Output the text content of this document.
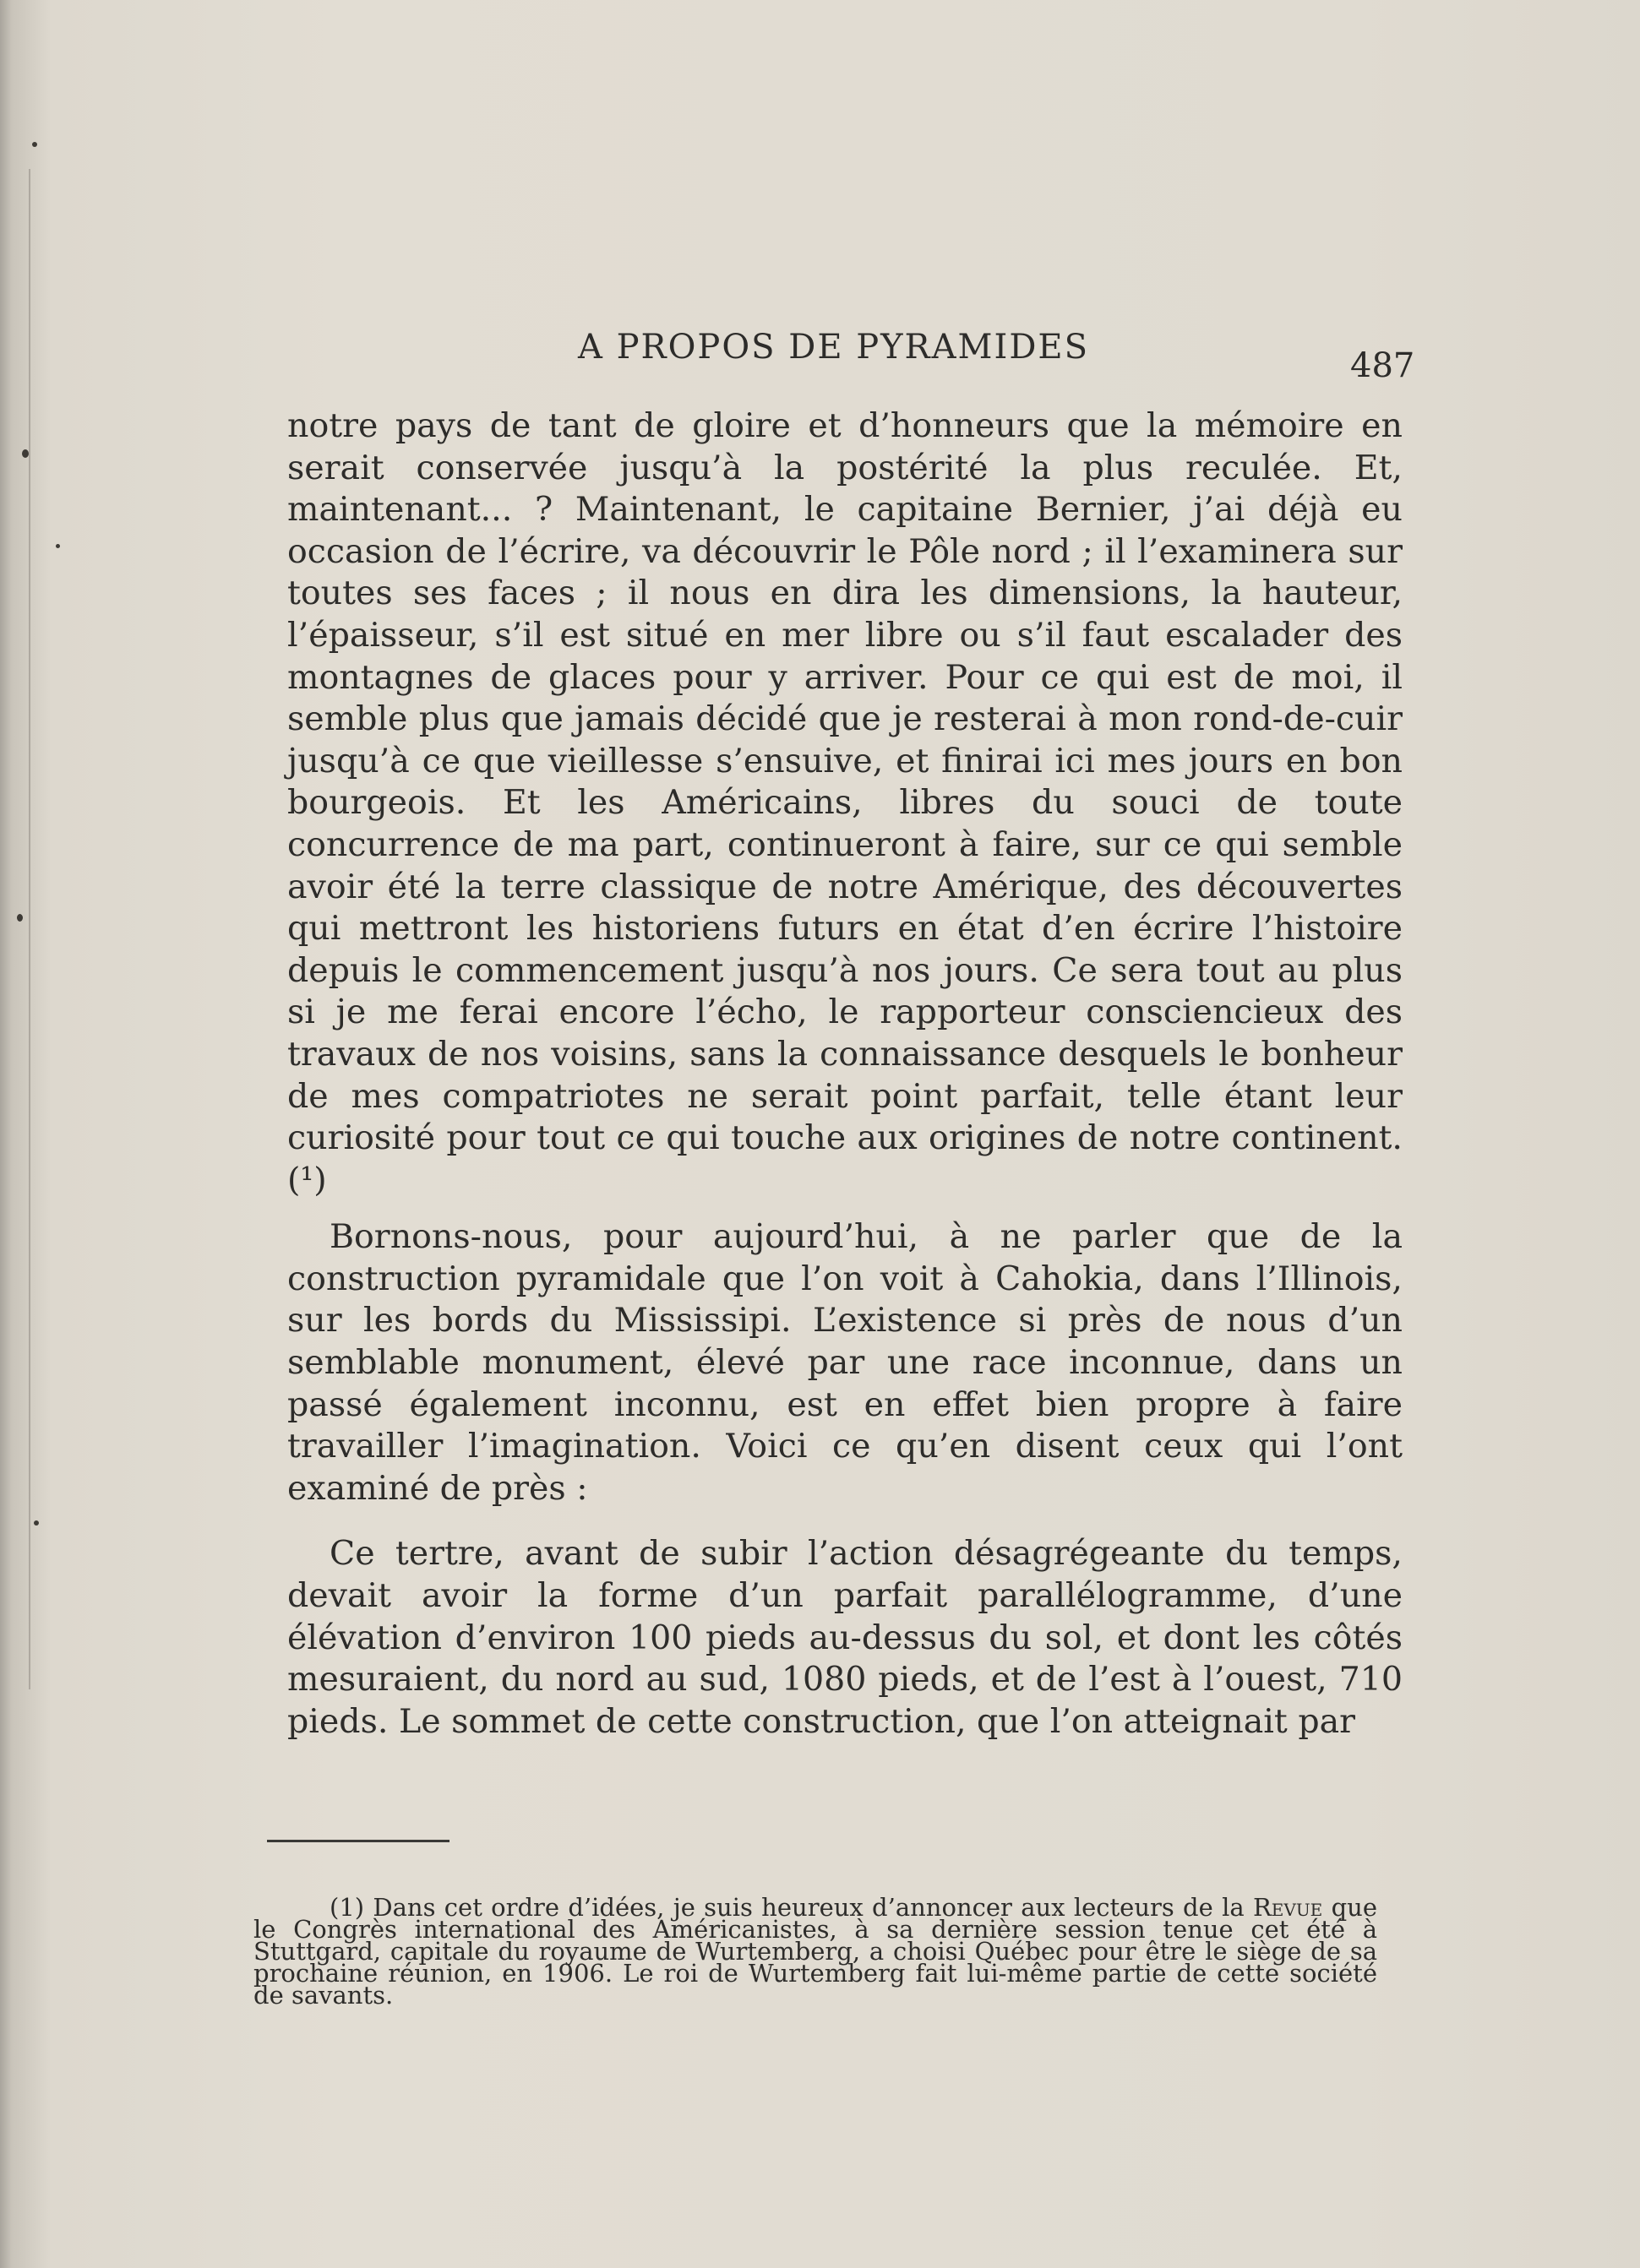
A PROPOS DE PYRAMIDES	487

notre pays de tant de gloire et d’honneurs que la mémoire en serait conservée jusqu’à la postérité la plus reculée. Et, maintenant... ? Maintenant, le capitaine Bernier, j’ai déjà eu occasion de l’écrire, va découvrir le Pôle nord ; il l’examinera sur toutes ses faces ; il nous en dira les dimensions, la hauteur, l’épaisseur, s’il est situé en mer libre ou s’il faut escalader des montagnes de glaces pour y arriver. Pour ce qui est de moi, il semble plus que jamais décidé que je resterai à mon rond-de-cuir jusqu’à ce que vieillesse s’ensuive, et finirai ici mes jours en bon bourgeois. Et les Américains, libres du souci de toute concurrence de ma part, continueront à faire, sur ce qui semble avoir été la terre classique de notre Amérique, des découvertes qui mettront les historiens futurs en état d’en écrire l’histoire depuis le commencement jusqu’à nos jours. Ce sera tout au plus si je me ferai encore l’écho, le rapporteur consciencieux des travaux de nos voisins, sans la connaissance desquels le bonheur de mes compatriotes ne serait point parfait, telle étant leur curiosité pour tout ce qui touche aux origines de notre continent. (¹)

Bornons-nous, pour aujourd’hui, à ne parler que de la construction pyramidale que l’on voit à Cahokia, dans l’Illinois, sur les bords du Mississipi. L’existence si près de nous d’un semblable monument, élevé par une race inconnue, dans un passé également inconnu, est en effet bien propre à faire travailler l’imagination. Voici ce qu’en disent ceux qui l’ont examiné de près :

Ce tertre, avant de subir l’action désagrégeante du temps, devait avoir la forme d’un parfait parallélogramme, d’une élévation d’environ 100 pieds au-dessus du sol, et dont les côtés mesuraient, du nord au sud, 1080 pieds, et de l’est à l’ouest, 710 pieds. Le sommet de cette construction, que l’on atteignait par

(1) Dans cet ordre d’idées, je suis heureux d’annoncer aux lecteurs de la Revue que le Congrès international des Américanistes, à sa dernière session tenue cet été à Stuttgard, capitale du royaume de Wurtemberg, a choisi Québec pour être le siège de sa prochaine réunion, en 1906. Le roi de Wurtemberg fait lui-même partie de cette société de savants.
